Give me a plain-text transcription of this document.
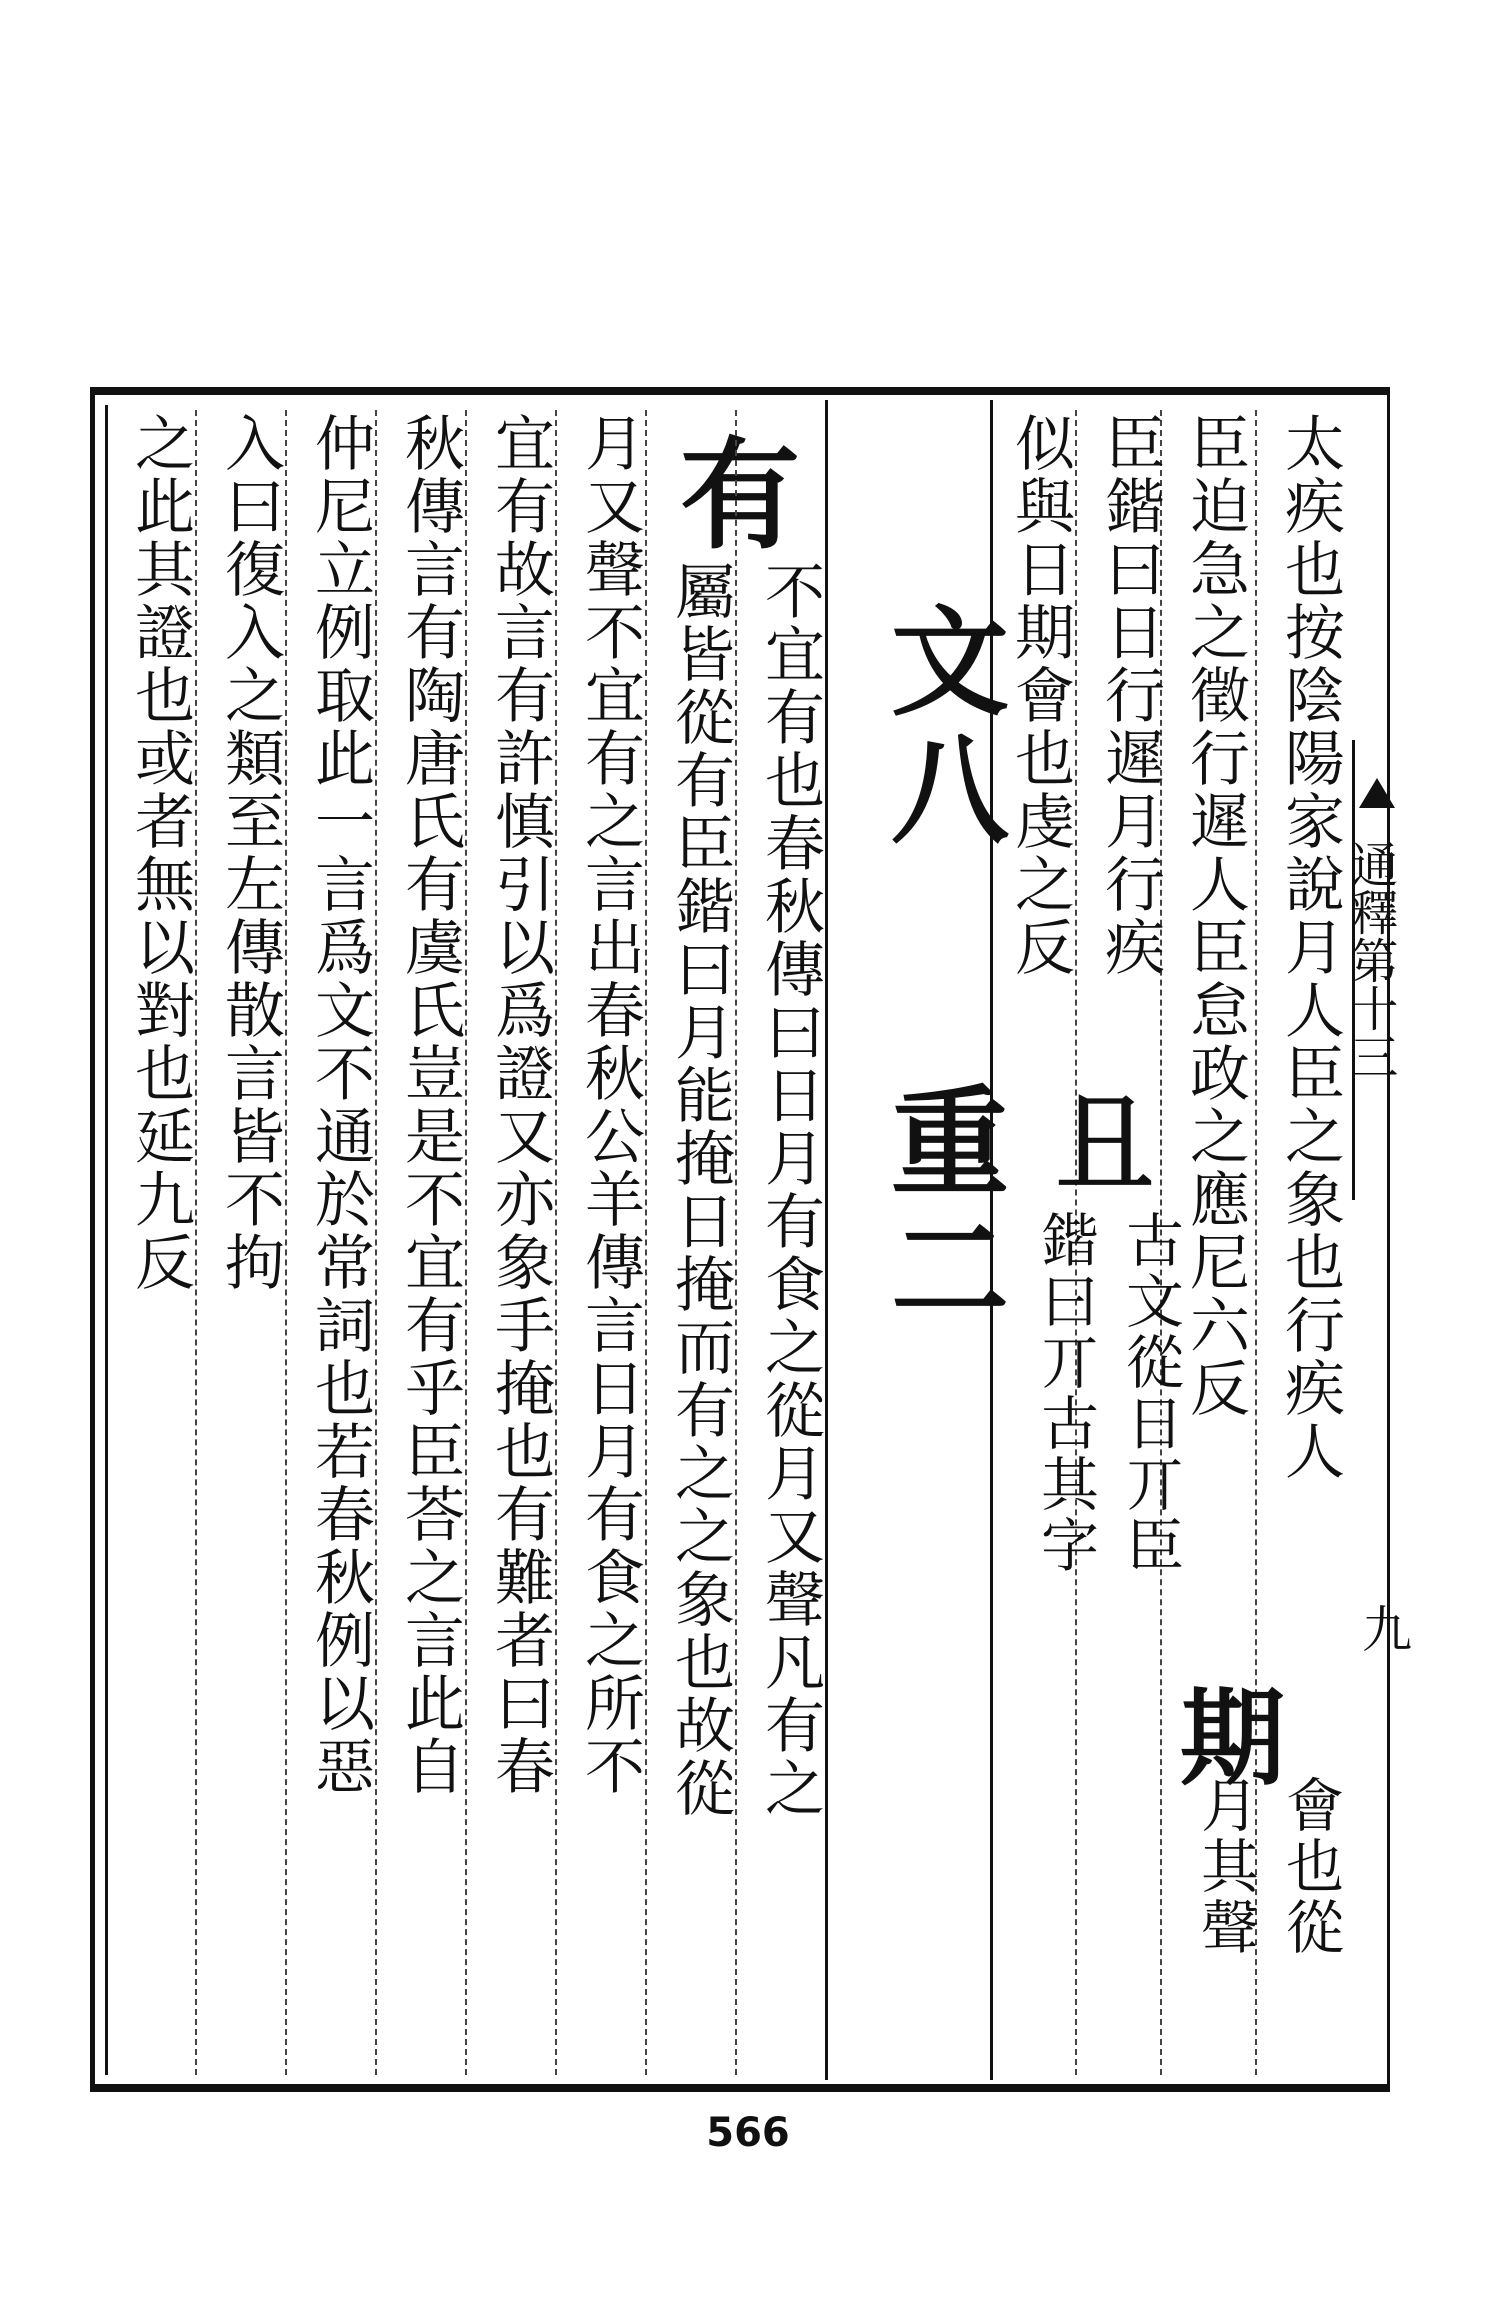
通釋第十三
九
太疾也按陰陽家說月人臣之象也行疾人
臣迫急之徵行遲人臣怠政之應尼六反
期
會也從
月其聲
臣鍇曰日行遲月行疾
似與日期會也虔之反
𠀇
古文從日丌臣
鍇曰丌古其字
文八
重二
有
不宜有也春秋傳曰日月有食之從月又聲凡有之
屬皆從有臣鍇曰月能掩日掩而有之之象也故從
月又聲不宜有之言出春秋公羊傳言日月有食之所不
宜有故言有許慎引以爲證又亦象手掩也有難者曰春
秋傳言有陶唐氏有虞氏豈是不宜有乎臣荅之言此自
仲尼立例取此一言爲文不通於常詞也若春秋例以惡
入曰復入之類至左傳散言皆不拘
之此其證也或者無以對也延九反
566
